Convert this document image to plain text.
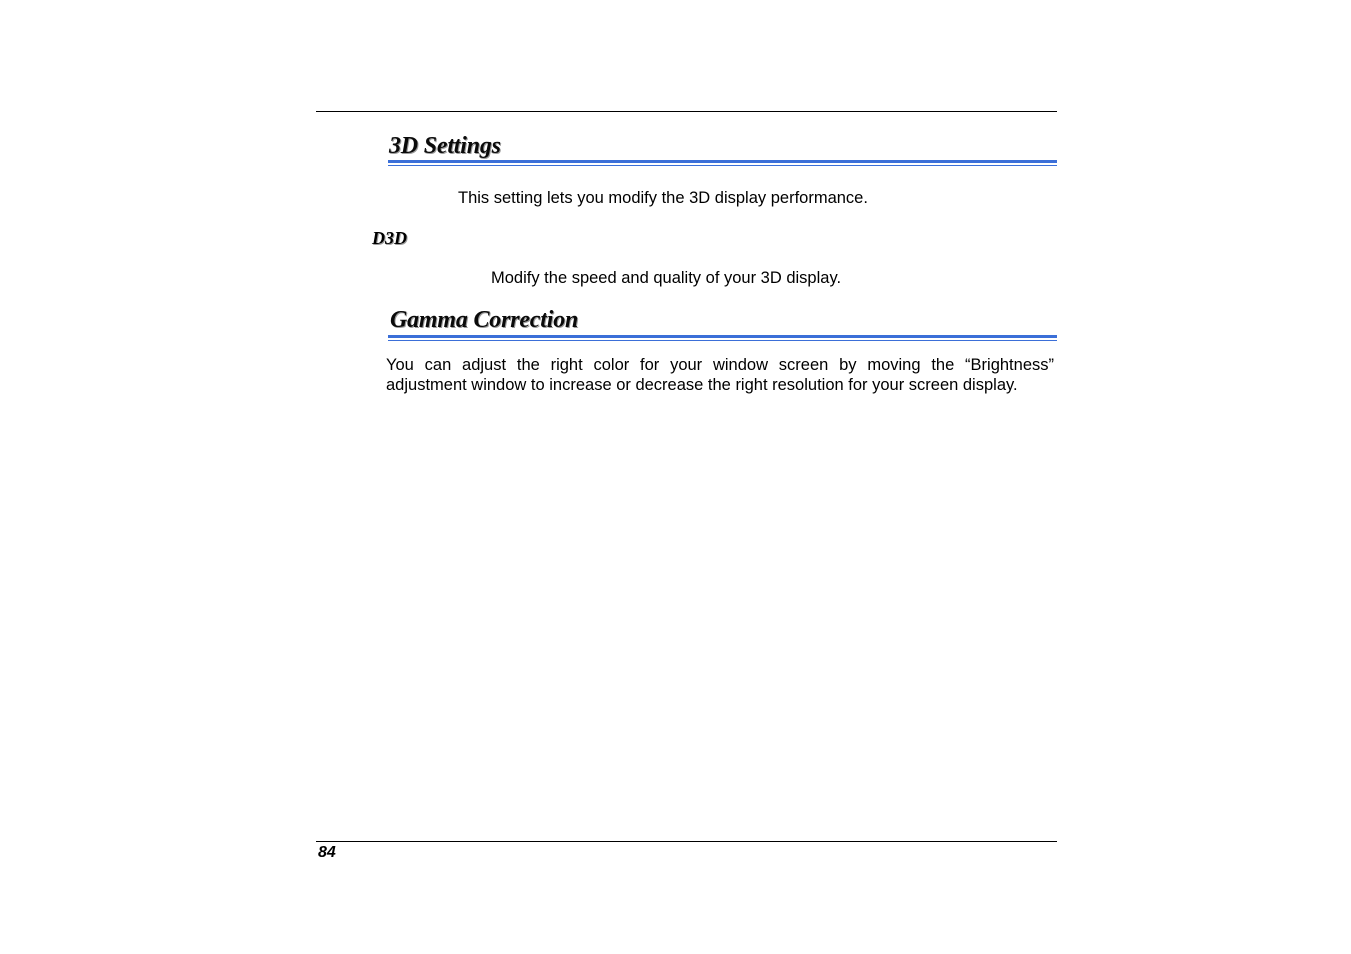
3D Settings
This setting lets you modify the 3D display performance.
D3D
Modify the speed and quality of your 3D display.
Gamma Correction
You can adjust the right color for your window screen by moving the “Brightness” adjustment window to increase or decrease the right resolution for your screen display.
84
